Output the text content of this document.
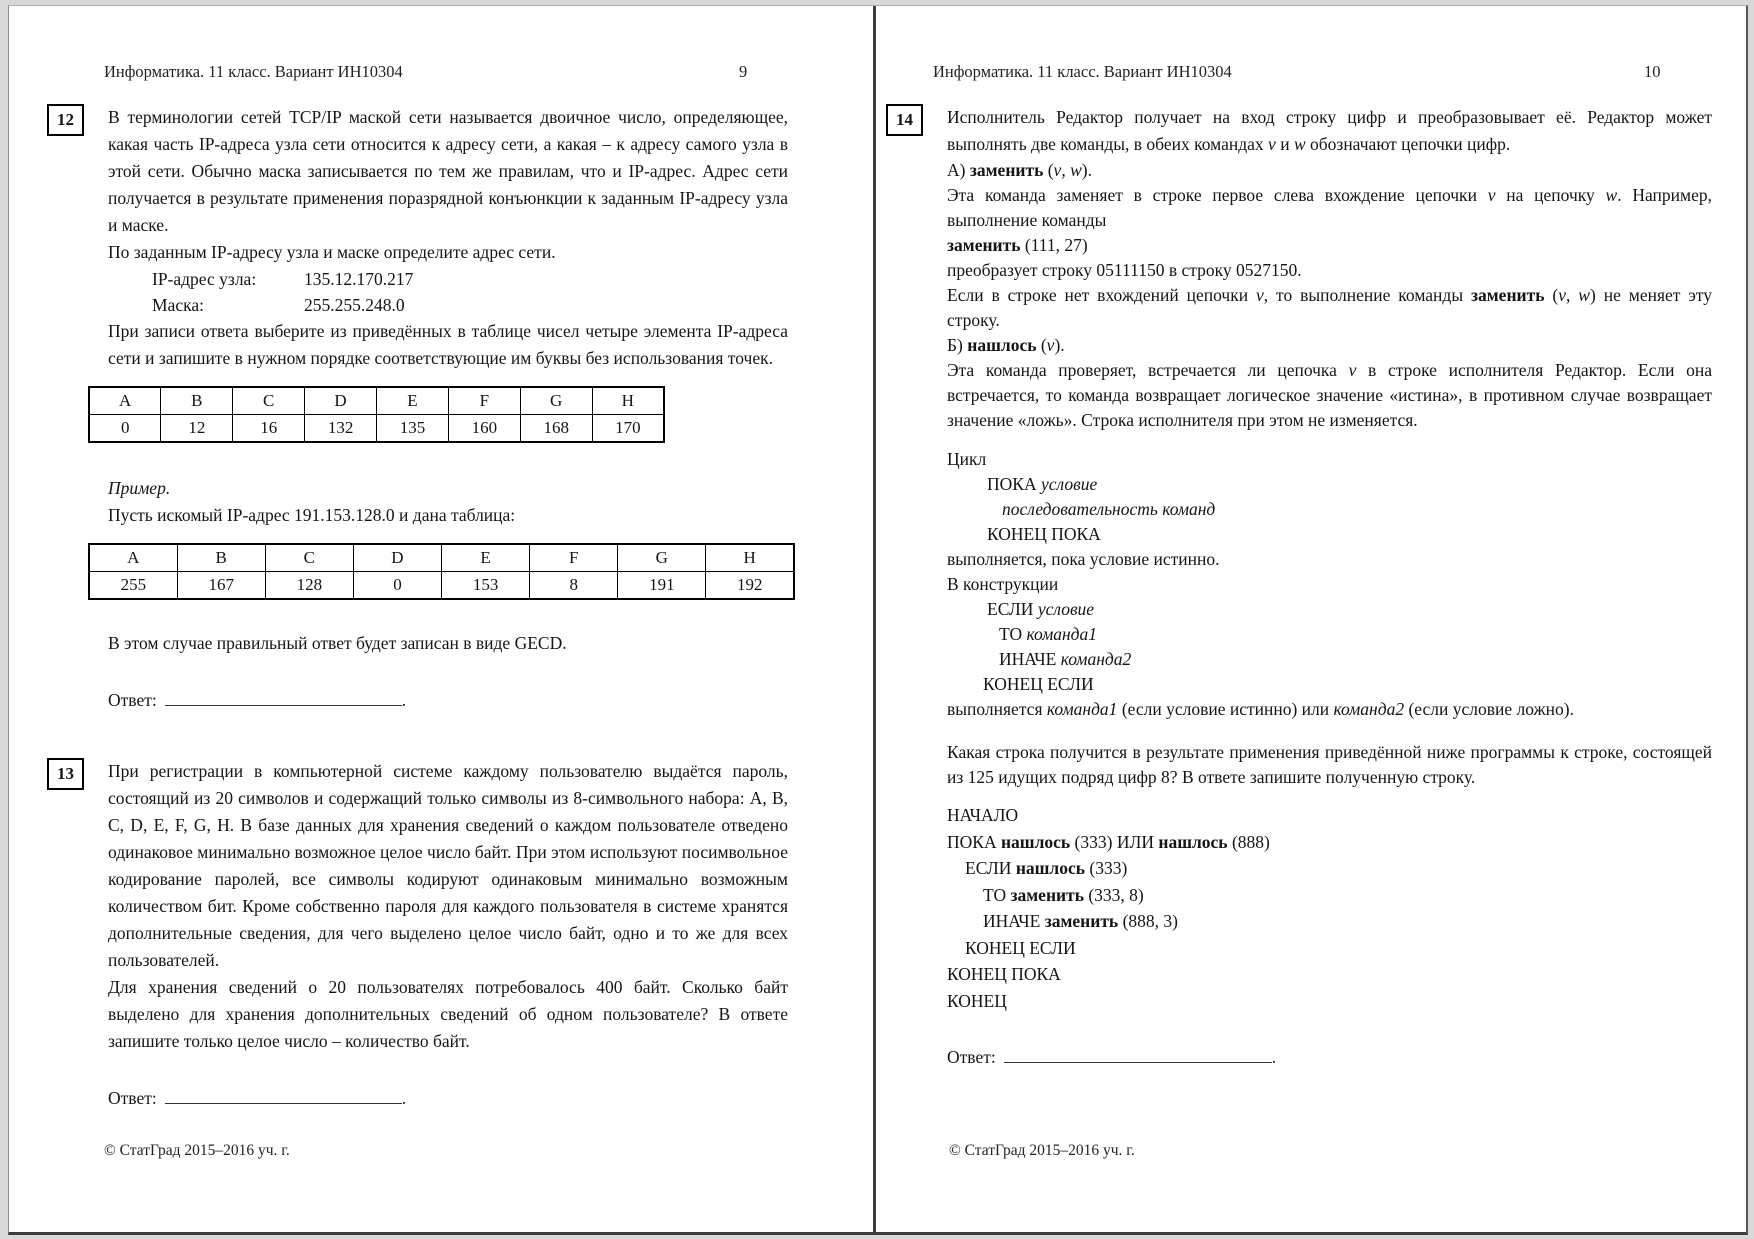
Информатика. 11 класс. Вариант ИН10304	9
12	В терминологии сетей TCP/IP маской сети называется двоичное число, определяющее, какая часть IP-адреса узла сети относится к адресу сети, а какая – к адресу самого узла в этой сети. Обычно маска записывается по тем же правилам, что и IP-адрес. Адрес сети получается в результате применения поразрядной конъюнкции к заданным IP-адресу узла и маске.

По заданным IP-адресу узла и маске определите адрес сети.

IP-адрес узла:	135.12.170.217
Маска:	255.255.248.0

При записи ответа выберите из приведённых в таблице чисел четыре элемента IP-адреса сети и запишите в нужном порядке соответствующие им буквы без использования точек.

A	B	C	D	E	F	G	H
0	12	16	132	135	160	168	170

Пример.

Пусть искомый IP-адрес 191.153.128.0 и дана таблица:

A	B	C	D	E	F	G	H
255	167	128	0	153	8	191	192

В этом случае правильный ответ будет записан в виде GECD.

Ответ:	.
13	При регистрации в компьютерной системе каждому пользователю выдаётся пароль, состоящий из 20 символов и содержащий только символы из 8-символьного набора: A, B, C, D, E, F, G, H. В базе данных для хранения сведений о каждом пользователе отведено одинаковое минимально возможное целое число байт. При этом используют посимвольное кодирование паролей, все символы кодируют одинаковым минимально возможным количеством бит. Кроме собственно пароля для каждого пользователя в системе хранятся дополнительные сведения, для чего выделено целое число байт, одно и то же для всех пользователей.

Для хранения сведений о 20 пользователях потребовалось 400 байт. Сколько байт выделено для хранения дополнительных сведений об одном пользователе? В ответе запишите только целое число – количество байт.

Ответ:	.
© СтатГрад 2015–2016 уч. г.
Информатика. 11 класс. Вариант ИН10304	10
14	Исполнитель Редактор получает на вход строку цифр и преобразовывает её. Редактор может выполнять две команды, в обеих командах v и w обозначают цепочки цифр.

А) заменить (v, w).

Эта команда заменяет в строке первое слева вхождение цепочки v на цепочку w. Например, выполнение команды

заменить (111, 27)

преобразует строку 05111150 в строку 0527150.

Если в строке нет вхождений цепочки v, то выполнение команды заменить (v, w) не меняет эту строку.

Б) нашлось (v).

Эта команда проверяет, встречается ли цепочка v в строке исполнителя Редактор. Если она встречается, то команда возвращает логическое значение «истина», в противном случае возвращает значение «ложь». Строка исполнителя при этом не изменяется.

Цикл
ПОКА условие
последовательность команд
КОНЕЦ ПОКА

выполняется, пока условие истинно.

В конструкции

ЕСЛИ условие
ТО команда1
ИНАЧЕ команда2
КОНЕЦ ЕСЛИ

выполняется команда1 (если условие истинно) или команда2 (если условие ложно).

Какая строка получится в результате применения приведённой ниже программы к строке, состоящей из 125 идущих подряд цифр 8? В ответе запишите полученную строку.

НАЧАЛО
ПОКА нашлось (333) ИЛИ нашлось (888)
ЕСЛИ нашлось (333)
ТО заменить (333, 8)
ИНАЧЕ заменить (888, 3)
КОНЕЦ ЕСЛИ
КОНЕЦ ПОКА
КОНЕЦ
Ответ:	.
© СтатГрад 2015–2016 уч. г.
